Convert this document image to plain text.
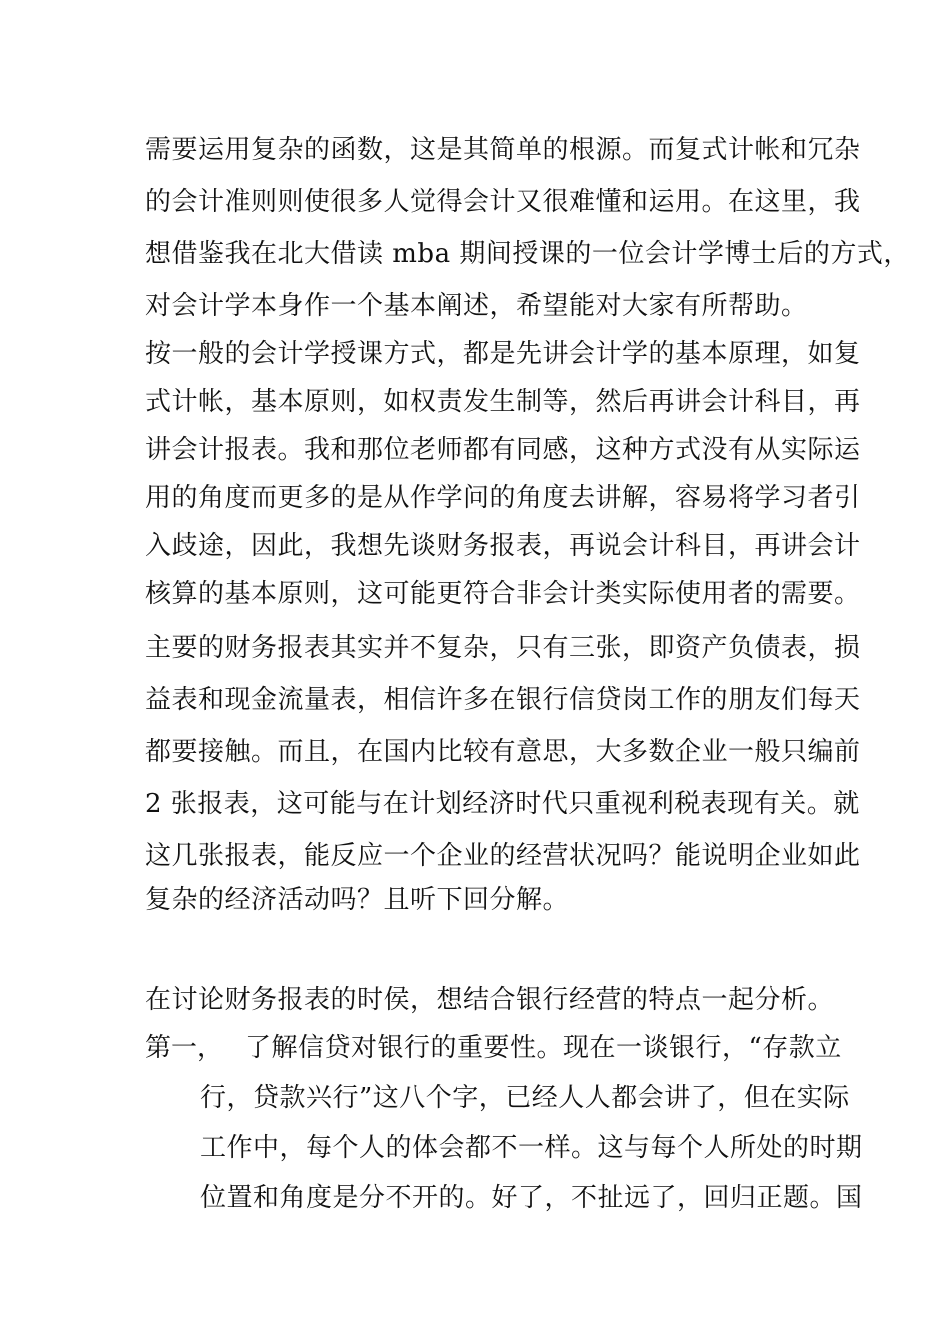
需要运用复杂的函数，这是其简单的根源。而复式计帐和冗杂
的会计准则则使很多人觉得会计又很难懂和运用。在这里，我
想借鉴我在北大借读 mba 期间授课的一位会计学博士后的方式，
对会计学本身作一个基本阐述，希望能对大家有所帮助。
按一般的会计学授课方式，都是先讲会计学的基本原理，如复
式计帐，基本原则，如权责发生制等，然后再讲会计科目，再
讲会计报表。我和那位老师都有同感，这种方式没有从实际运
用的角度而更多的是从作学问的角度去讲解，容易将学习者引
入歧途，因此，我想先谈财务报表，再说会计科目，再讲会计
核算的基本原则，这可能更符合非会计类实际使用者的需要。
主要的财务报表其实并不复杂，只有三张，即资产负债表，损
益表和现金流量表，相信许多在银行信贷岗工作的朋友们每天
都要接触。而且，在国内比较有意思，大多数企业一般只编前
2 张报表，这可能与在计划经济时代只重视利税表现有关。就
这几张报表，能反应一个企业的经营状况吗？能说明企业如此
复杂的经济活动吗？且听下回分解。
在讨论财务报表的时侯，想结合银行经营的特点一起分析。
第一， 了解信贷对银行的重要性。现在一谈银行，“存款立
行，贷款兴行”这八个字，已经人人都会讲了，但在实际
工作中，每个人的体会都不一样。这与每个人所处的时期
位置和角度是分不开的。好了，不扯远了，回归正题。国
